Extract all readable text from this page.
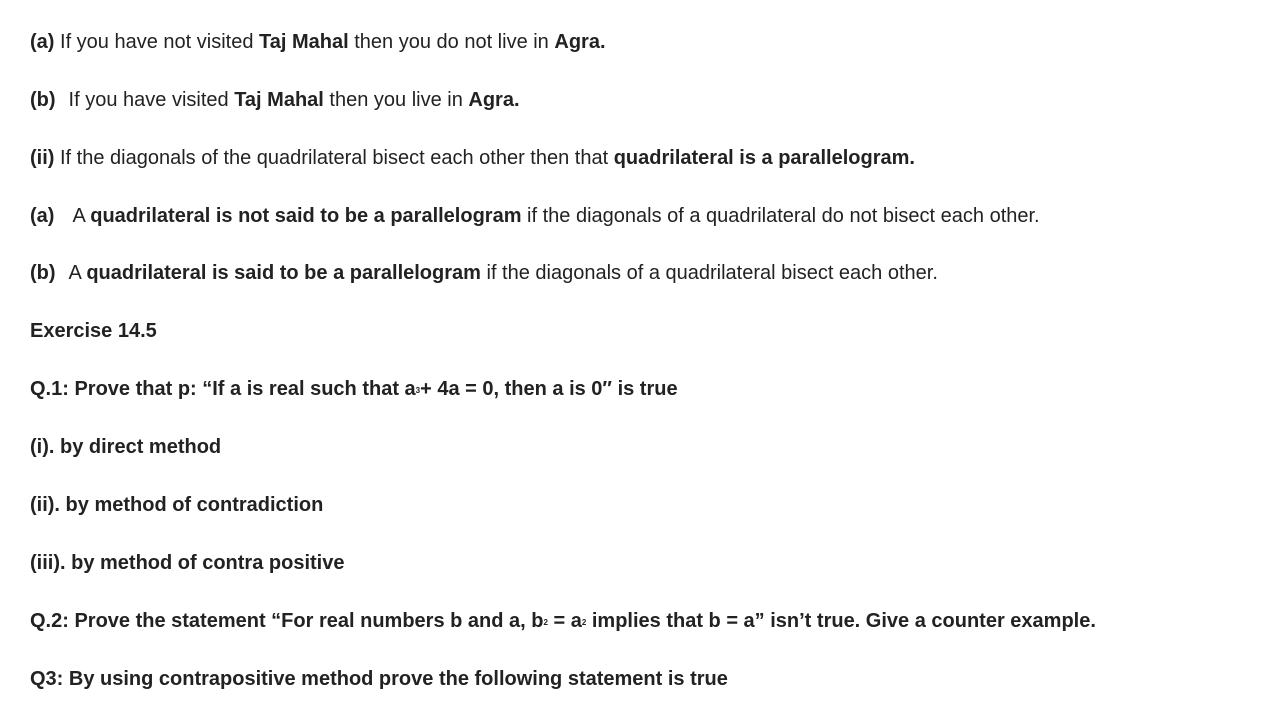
(a) If you have not visited Taj Mahal then you do not live in Agra.
(b) If you have visited Taj Mahal then you live in Agra.
(ii) If the diagonals of the quadrilateral bisect each other then that quadrilateral is a parallelogram.
(a) A quadrilateral is not said to be a parallelogram if the diagonals of a quadrilateral do not bisect each other.
(b) A quadrilateral is said to be a parallelogram if the diagonals of a quadrilateral bisect each other.
Exercise 14.5
Q.1: Prove that p: “If a is real such that $a^3+ 4a = 0$, then a is 0″ is true
(i). by direct method
(ii). by method of contradiction
(iii). by method of contra positive
Q.2: Prove the statement “For real numbers b and a, $b^2 = a^2$ implies that b = a” isn’t true. Give a counter example.
Q3: By using contrapositive method prove the following statement is true
